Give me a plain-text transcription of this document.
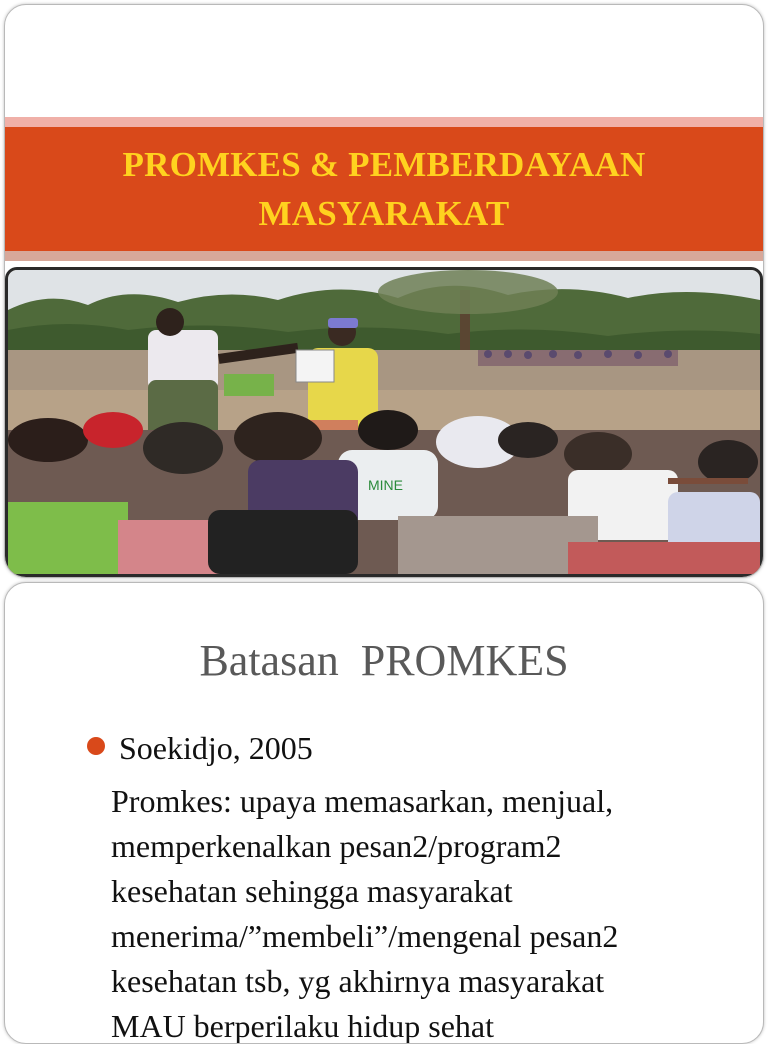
PROMKES & PEMBERDAYAAN MASYARAKAT
MINE
Batasan  PROMKES
Soekidjo, 2005
Promkes: upaya memasarkan, menjual,
memperkenalkan pesan2/program2
kesehatan sehingga masyarakat
menerima/”membeli”/mengenal pesan2
kesehatan tsb, yg akhirnya masyarakat
MAU berperilaku hidup sehat
